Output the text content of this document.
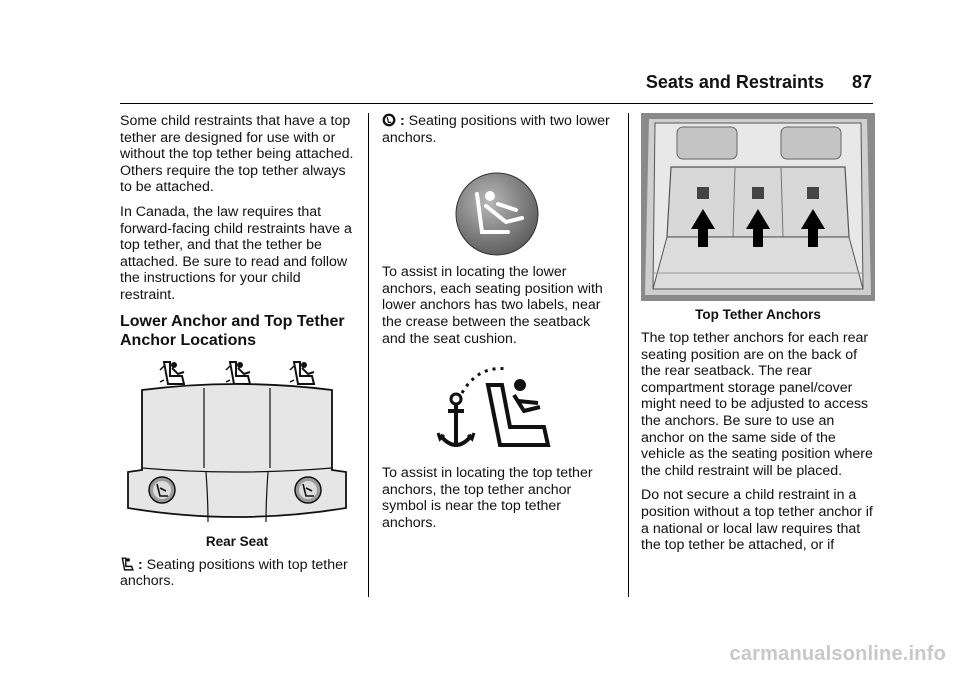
Seats and Restraints 87

Some child restraints that have a top tether are designed for use with or without the top tether being attached. Others require the top tether always to be attached.

In Canada, the law requires that forward-facing child restraints have a top tether, and that the tether be attached. Be sure to read and follow the instructions for your child restraint.

Lower Anchor and Top Tether Anchor Locations
Rear Seat

: Seating positions with top tether anchors.

: Seating positions with two lower anchors.

To assist in locating the lower anchors, each seating position with lower anchors has two labels, near the crease between the seatback and the seat cushion.

To assist in locating the top tether anchors, the top tether anchor symbol is near the top tether anchors.

Top Tether Anchors

The top tether anchors for each rear seating position are on the back of the rear seatback. The rear compartment storage panel/cover might need to be adjusted to access the anchors. Be sure to use an anchor on the same side of the vehicle as the seating position where the child restraint will be placed.

Do not secure a child restraint in a position without a top tether anchor if a national or local law requires that the top tether be attached, or if

carmanualsonline.info
